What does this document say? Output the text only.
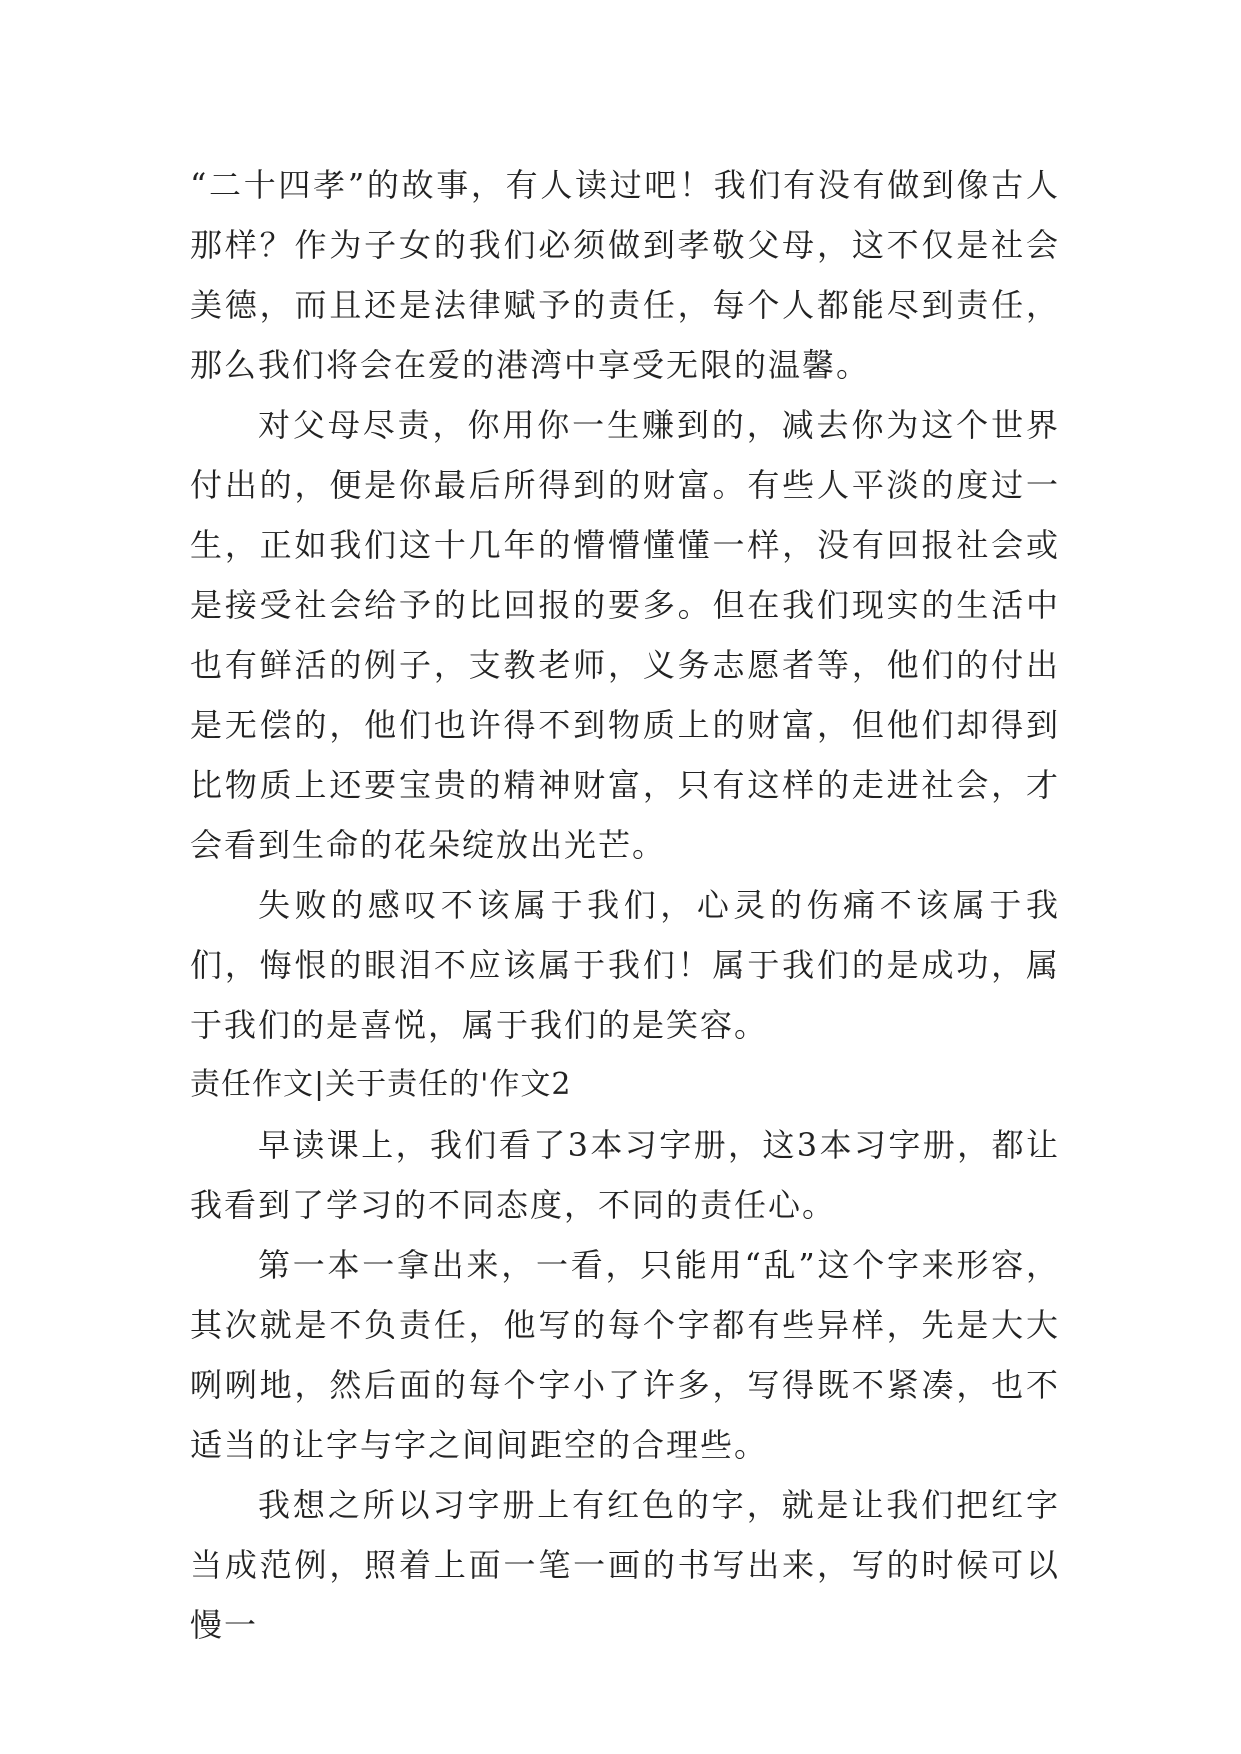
“二十四孝”的故事，有人读过吧！我们有没有做到像古人那样？作为子女的我们必须做到孝敬父母，这不仅是社会美德，而且还是法律赋予的责任，每个人都能尽到责任，那么我们将会在爱的港湾中享受无限的温馨。

对父母尽责，你用你一生赚到的，减去你为这个世界付出的，便是你最后所得到的财富。有些人平淡的度过一生，正如我们这十几年的懵懵懂懂一样，没有回报社会或是接受社会给予的比回报的要多。但在我们现实的生活中也有鲜活的例子，支教老师，义务志愿者等，他们的付出是无偿的，他们也许得不到物质上的财富，但他们却得到比物质上还要宝贵的精神财富，只有这样的走进社会，才会看到生命的花朵绽放出光芒。

失败的感叹不该属于我们，心灵的伤痛不该属于我们，悔恨的眼泪不应该属于我们！属于我们的是成功，属于我们的是喜悦，属于我们的是笑容。

责任作文|关于责任的'作文2

早读课上，我们看了3本习字册，这3本习字册，都让我看到了学习的不同态度，不同的责任心。

第一本一拿出来，一看，只能用“乱”这个字来形容，其次就是不负责任，他写的每个字都有些异样，先是大大咧咧地，然后面的每个字小了许多，写得既不紧凑，也不适当的让字与字之间间距空的合理些。

我想之所以习字册上有红色的字，就是让我们把红字当成范例，照着上面一笔一画的书写出来，写的时候可以慢一
